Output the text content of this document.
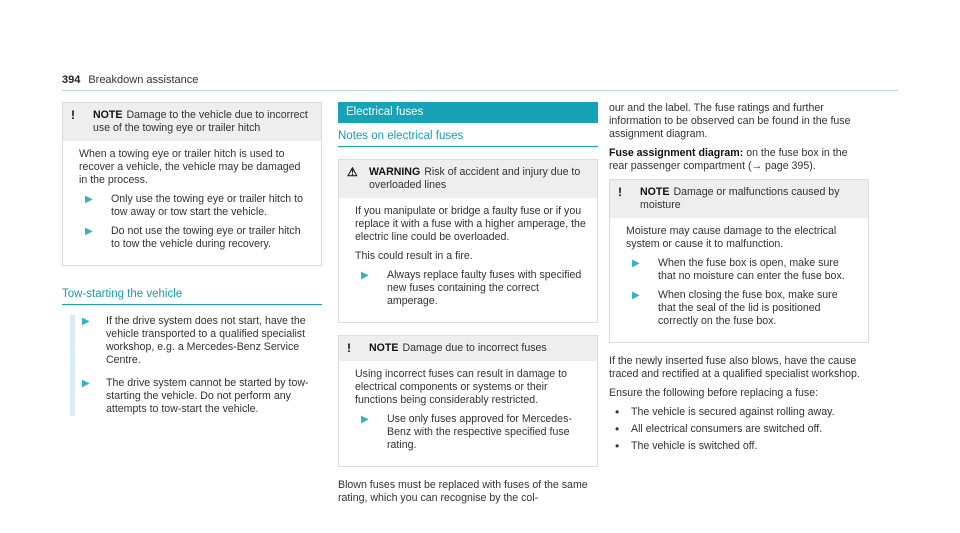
394 Breakdown assistance
!	NOTE Damage to the vehicle due to incorrect use of the towing eye or trailer hitch

When a towing eye or trailer hitch is used to recover a vehicle, the vehicle may be damaged in the process.

▶	Only use the towing eye or trailer hitch to tow away or tow start the vehicle.
▶	Do not use the towing eye or trailer hitch to tow the vehicle during recovery.
Tow-starting the vehicle
▶	If the drive system does not start, have the vehicle transported to a qualified specialist workshop, e.g. a Mercedes-Benz Service Centre.
▶	The drive system cannot be started by tow-starting the vehicle. Do not perform any attempts to tow-start the vehicle.
Electrical fuses
Notes on electrical fuses
⚠	WARNING Risk of accident and injury due to overloaded lines

If you manipulate or bridge a faulty fuse or if you replace it with a fuse with a higher amperage, the electric line could be overloaded.

This could result in a fire.

▶	Always replace faulty fuses with specified new fuses containing the correct amperage.
!	NOTE Damage due to incorrect fuses

Using incorrect fuses can result in damage to electrical components or systems or their functions being considerably restricted.

▶	Use only fuses approved for Mercedes-Benz with the respective specified fuse rating.

Blown fuses must be replaced with fuses of the same rating, which you can recognise by the col-

our and the label. The fuse ratings and further information to be observed can be found in the fuse assignment diagram.

Fuse assignment diagram: on the fuse box in the rear passenger compartment (→ page 395).

!	NOTE Damage or malfunctions caused by moisture

Moisture may cause damage to the electrical system or cause it to malfunction.

▶	When the fuse box is open, make sure that no moisture can enter the fuse box.
▶	When closing the fuse box, make sure that the seal of the lid is positioned correctly on the fuse box.

If the newly inserted fuse also blows, have the cause traced and rectified at a qualified specialist workshop.

Ensure the following before replacing a fuse:

•	The vehicle is secured against rolling away.
•	All electrical consumers are switched off.
•	The vehicle is switched off.
